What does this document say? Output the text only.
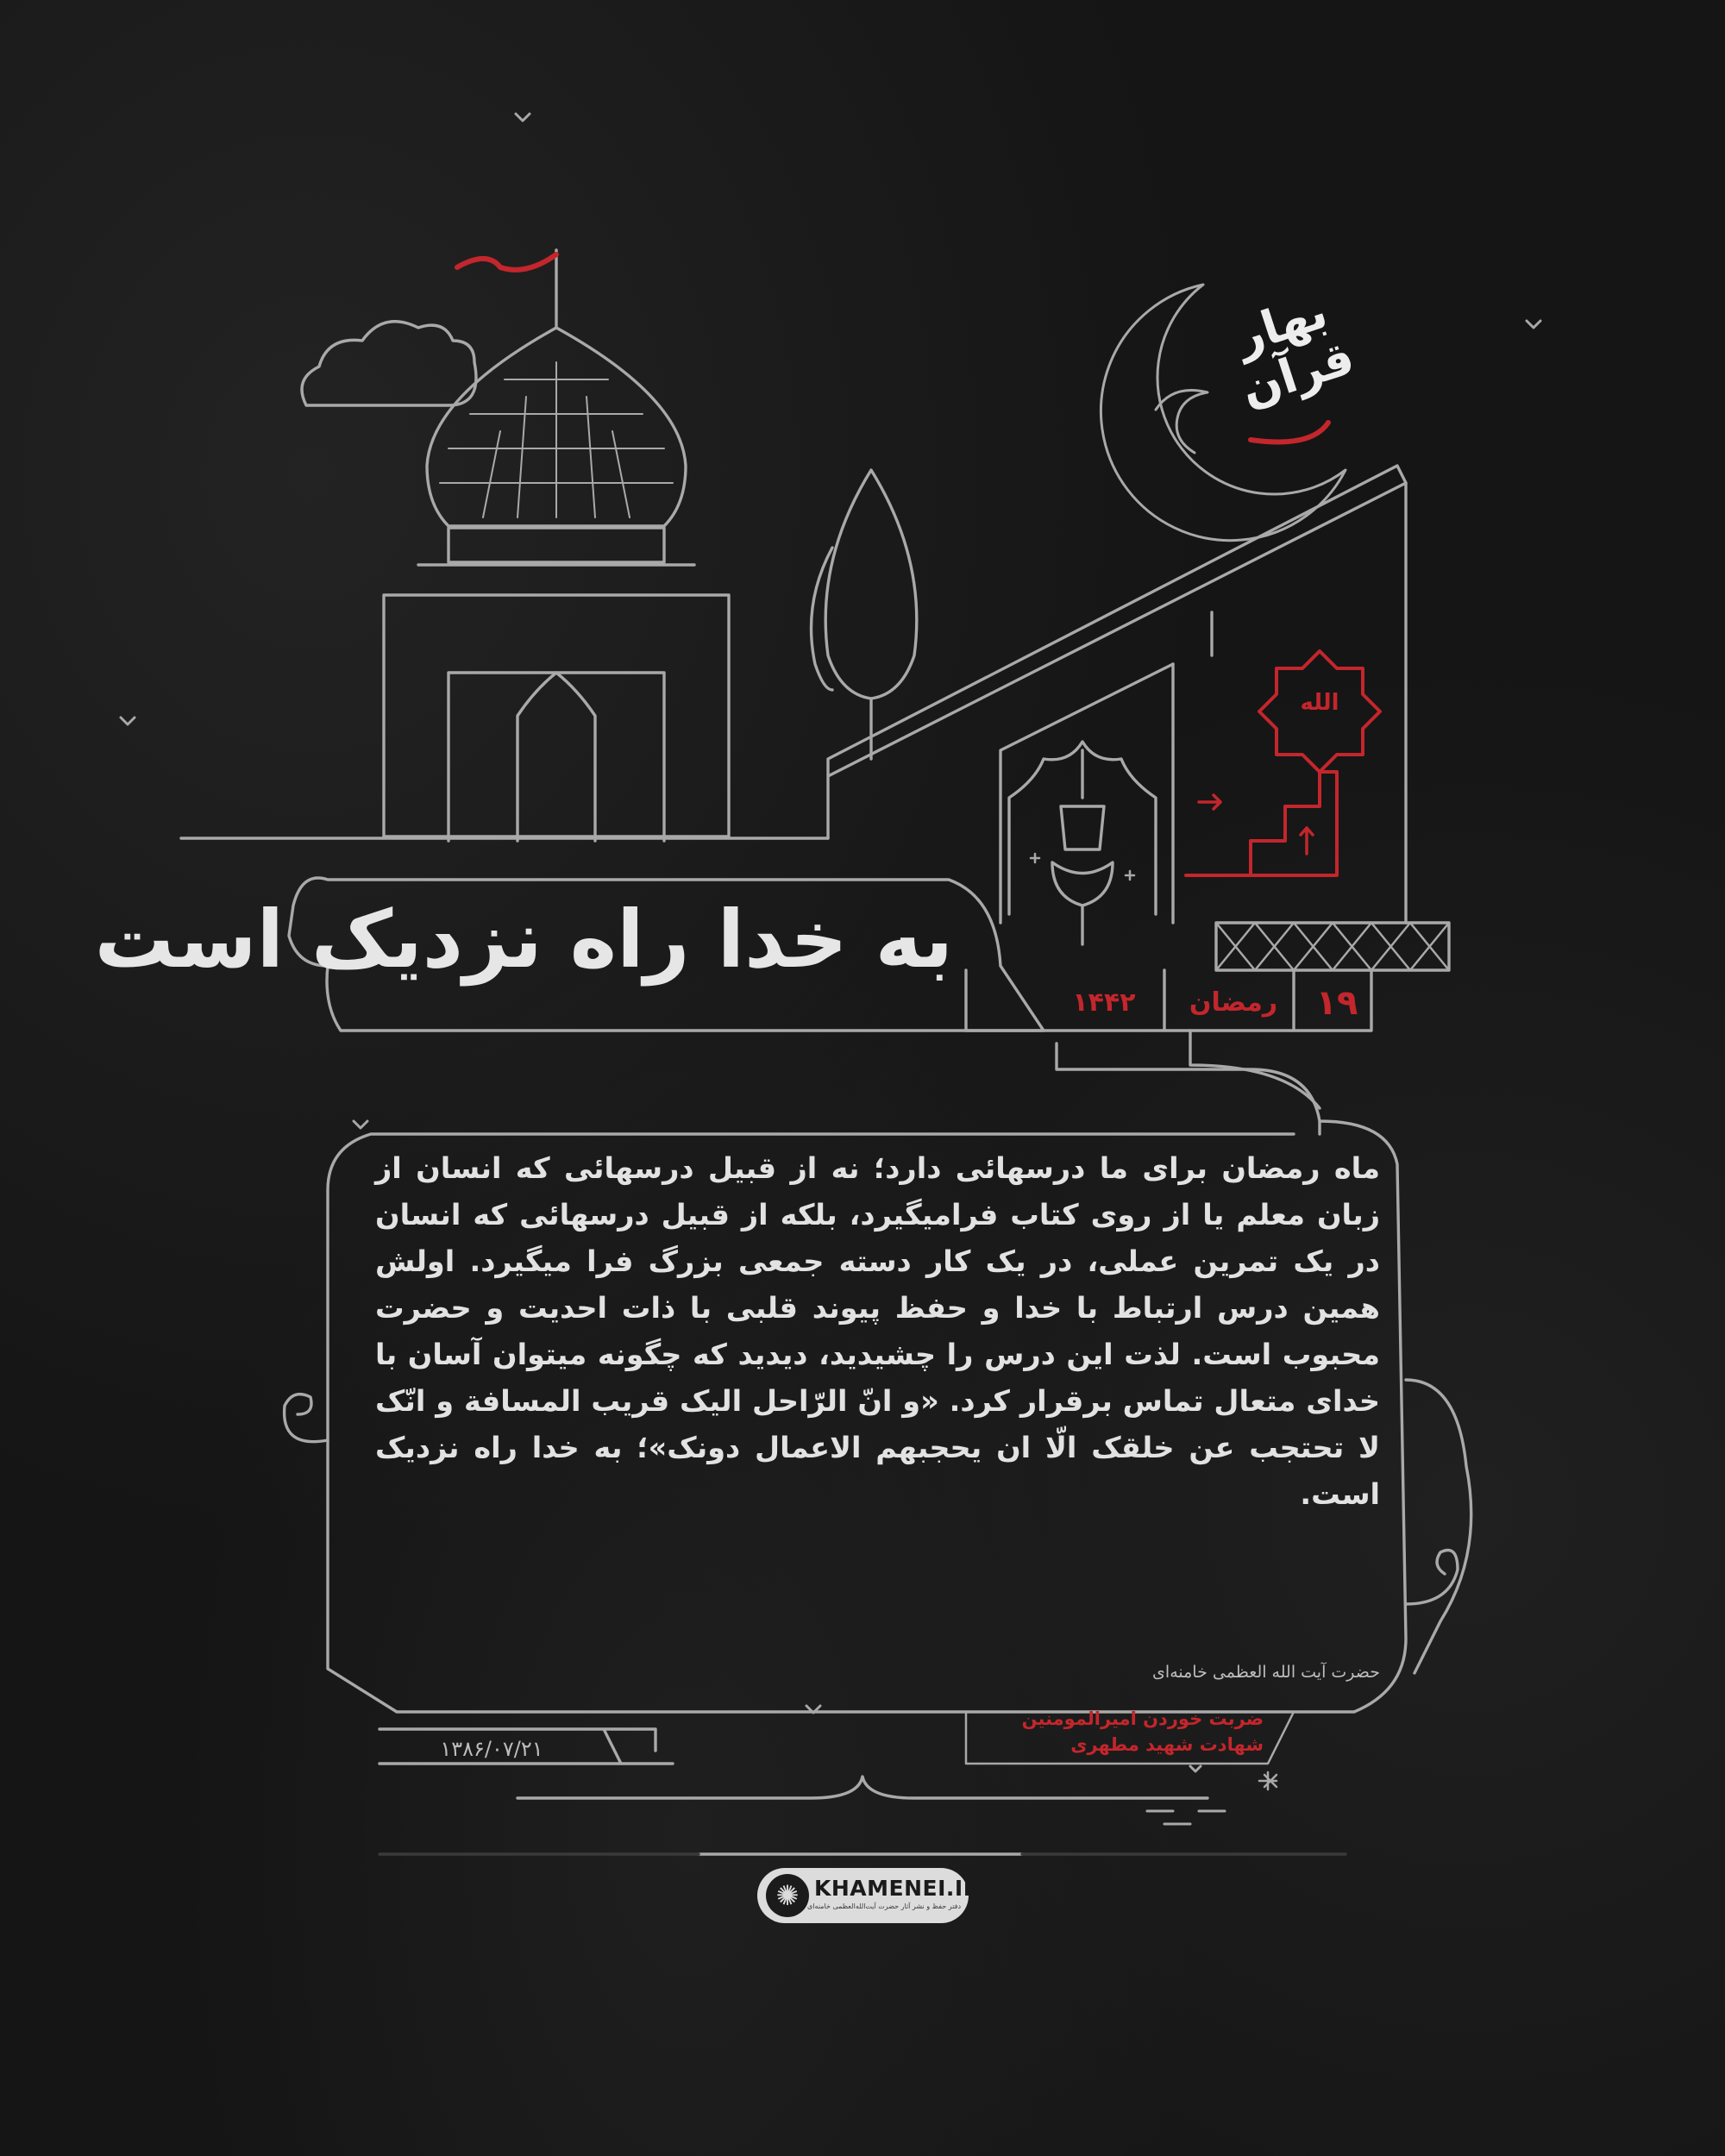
بهار قرآن
الله
به خدا راه نزدیک است
۱۹
رمضان
۱۴۴۲
ماه رمضان برای ما درسهائی دارد؛ نه از قبیل درسهائی که انسان از زبان معلم یا از روی کتاب فرامیگیرد، بلکه از قبیل درسهائی که انسان در یک تمرین عملی، در یک کار دسته جمعی بزرگ فرا میگیرد. اولش همین درس ارتباط با خدا و حفظ پیوند قلبی با ذات احدیت و حضرت محبوب است. لذت این درس را چشیدید، دیدید که چگونه میتوان آسان با خدای متعال تماس برقرار کرد. «و انّ الرّاحل الیک قریب المسافة و انّک لا تحتجب عن خلقک الّا ان یحجبهم الاعمال دونک»؛ به خدا راه نزدیک است.
حضرت آیت الله العظمی خامنه‌ای
۱۳۸۶/۰۷/۲۱
ضربت خوردن امیرالمومنین
شهادت شهید مطهری
✺ KHAMENEI.IR
دفتر حفظ و نشر آثار حضرت آیت‌الله‌العظمی خامنه‌ای
